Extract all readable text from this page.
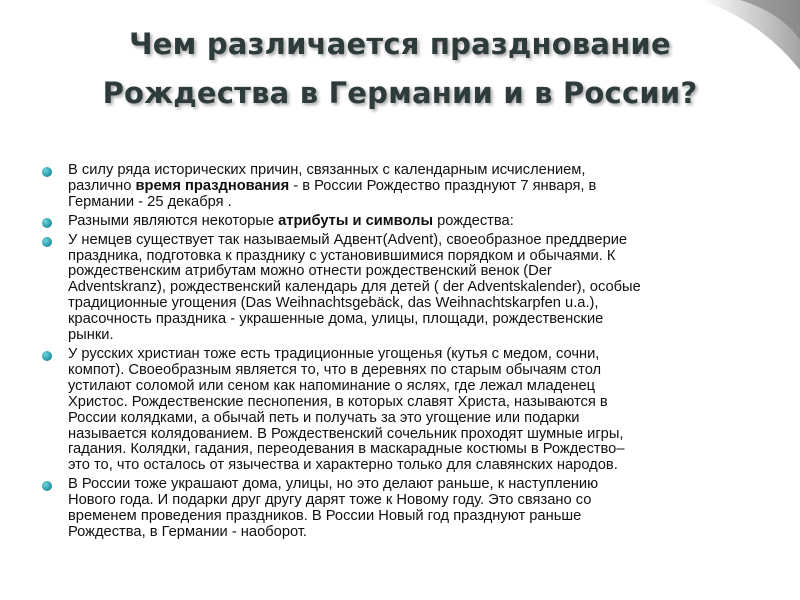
Чем различается празднование
Рождества в Германии и в России?
В силу ряда исторических причин, связанных с календарным исчислением,
различно время празднования - в России Рождество празднуют 7 января, в
Германии - 25 декабря .
Разными являются некоторые атрибуты и символы рождества:
У немцев существует так называемый Адвент(Advent), своеобразное преддверие
праздника, подготовка к празднику с установившимися порядком и обычаями. К
рождественским атрибутам можно отнести рождественский венок (Der
Adventskranz), рождественский календарь для детей ( der Adventskalender), особые
традиционные угощения (Das Weihnachtsgebäck, das Weihnachtskarpfen u.a.),
красочность праздника - украшенные дома, улицы, площади, рождественские
рынки.
У русских христиан тоже есть традиционные угощенья (кутья с медом, сочни,
компот). Своеобразным является то, что в деревнях по старым обычаям стол
устилают соломой или сеном как напоминание о яслях, где лежал младенец
Христос. Рождественские песнопения, в которых славят Христа, называются в
России колядками, а обычай петь и получать за это угощение или подарки
называется колядованием. В Рождественский сочельник проходят шумные игры,
гадания. Колядки, гадания, переодевания в маскарадные костюмы в Рождество–
это то, что осталось от язычества и характерно только для славянских народов.
В России тоже украшают дома, улицы, но это делают раньше, к наступлению
Нового года. И подарки друг другу дарят тоже к Новому году. Это связано со
временем проведения праздников. В России Новый год празднуют раньше
Рождества, в Германии - наоборот.
